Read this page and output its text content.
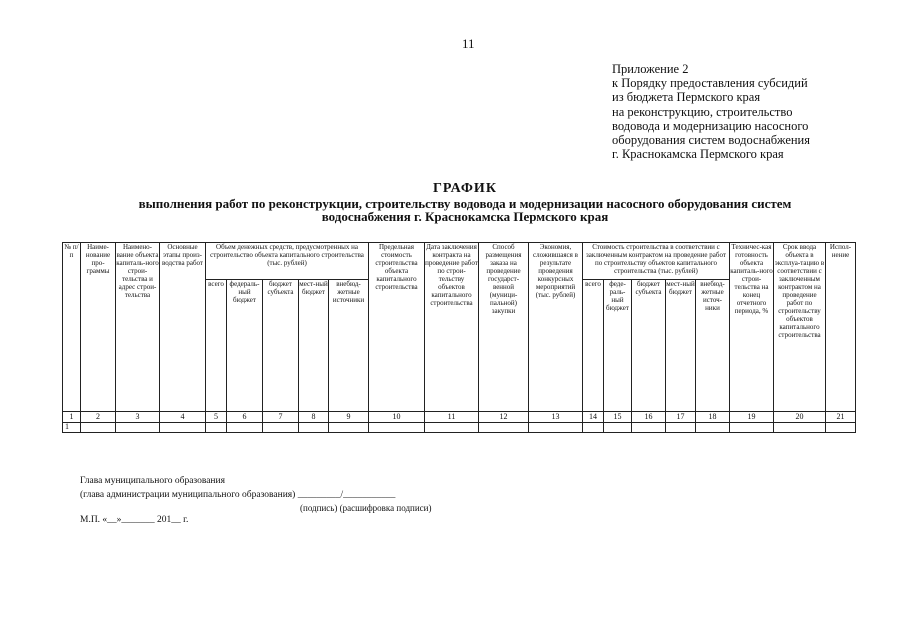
11
Приложение 2
к Порядку предоставления субсидий
из бюджета Пермского края
на реконструкцию, строительство
водовода и модернизацию насосного
оборудования систем водоснабжения
г. Краснокамска Пермского края
ГРАФИК
выполнения работ по реконструкции, строительству водовода и модернизации насосного оборудования систем
водоснабжения г. Краснокамска Пермского края
№ п/п	Наиме-нование про-граммы	Наимено-вание объекта капиталь-ного строи-тельства и адрес строи-тельства	Основные этапы произ-водства работ	Объем денежных средств, предусмотренных на строительство объекта капитального строительства (тыс. рублей)					Предельная стоимость строительства объекта капитального строительства	Дата заключения контракта на проведение работ по строи-тельству объектов капитального строительства	Способ размещения заказа на проведение государст-венной (муници-пальной) закупки	Экономия, сложившаяся в результате проведения конкурсных мероприятий (тыс. рублей)	Стоимость строительства в соответствии с заключенным контрактом на проведение работ по строительству объектов капитального строительства (тыс. рублей)					Техничес-кая готовность объекта капиталь-ного строи-тельства на конец отчетного периода, %	Срок ввода объекта в эксплуа-тацию в соответствии с заключенным контрактом на проведение работ по строительству объектов капитального строительства	Испол-нение
				всего	федераль-ный бюджет	бюджет субъекта	мест-ный бюджет	внебюд-жетные источники					всего	феде-раль-ный бюджет	бюджет субъекта	мест-ный бюджет	внебюд-жетные источ-ники			
1	2	3	4	5	6	7	8	9	10	11	12	13	14	15	16	17	18	19	20	21
1																				
Глава муниципального образования
(глава администрации муниципального образования) _________/___________
(подпись) (расшифровка подписи)
М.П. «__»_______ 201__ г.
